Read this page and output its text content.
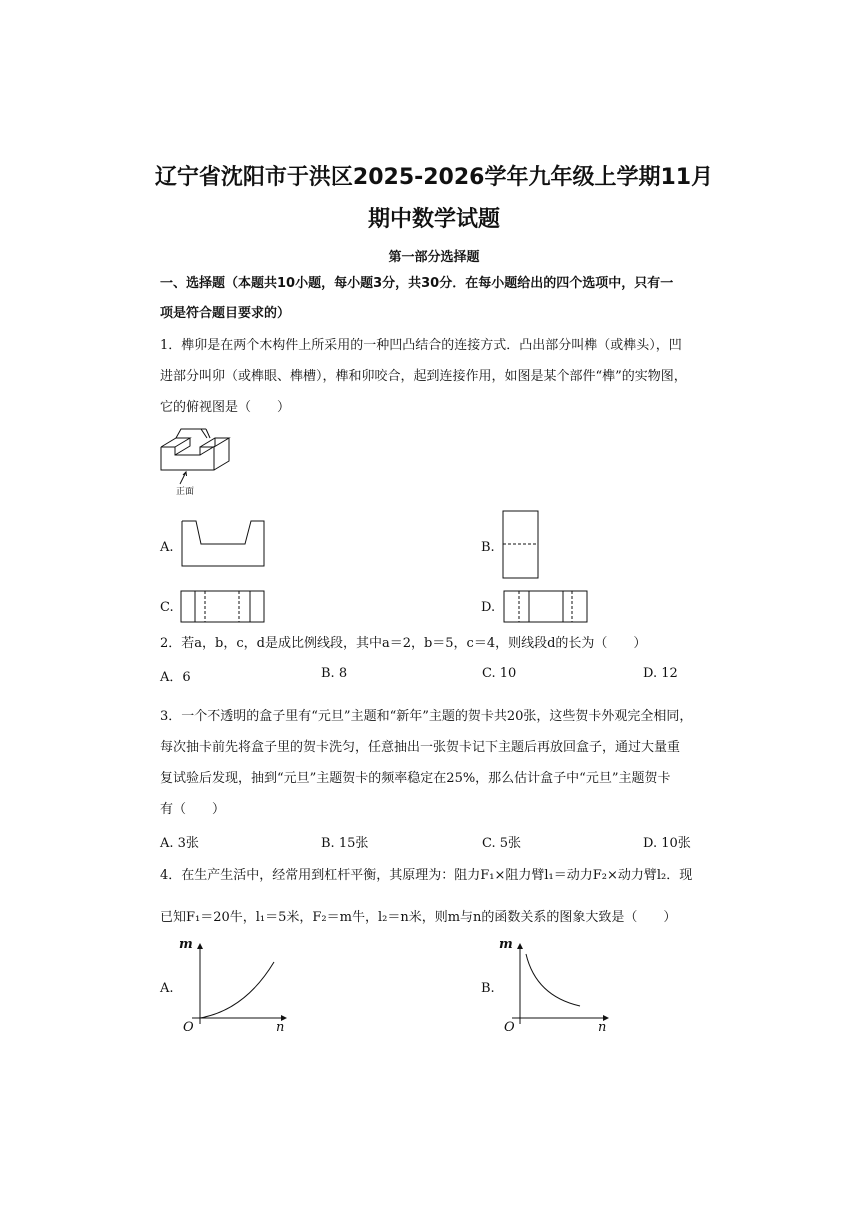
辽宁省沈阳市于洪区2025-2026学年九年级上学期11月
期中数学试题
第一部分选择题
一、选择题（本题共10小题，每小题3分，共30分．在每小题给出的四个选项中，只有一
项是符合题目要求的）
1．榫卯是在两个木构件上所采用的一种凹凸结合的连接方式．凸出部分叫榫（或榫头），凹
进部分叫卯（或榫眼、榫槽），榫和卯咬合，起到连接作用，如图是某个部件“榫”的实物图，
它的俯视图是（　　）
正面
A.	B.
C.	D.
2．若a，b，c，d是成比例线段，其中a＝2，b＝5，c＝4，则线段d的长为（　　）
A．6	B. 8	C. 10	D. 12
3．一个不透明的盒子里有“元旦”主题和“新年”主题的贺卡共20张，这些贺卡外观完全相同，
每次抽卡前先将盒子里的贺卡洗匀，任意抽出一张贺卡记下主题后再放回盒子，通过大量重
复试验后发现，抽到“元旦”主题贺卡的频率稳定在25%，那么估计盒子中“元旦”主题贺卡
有（　　）
A. 3张	B. 15张	C. 5张	D. 10张
4．在生产生活中，经常用到杠杆平衡，其原理为：阻力F₁×阻力臂l₁＝动力F₂×动力臂l₂．现
已知F₁＝20牛，l₁＝5米，F₂＝m牛，l₂＝n米，则m与n的函数关系的图象大致是（　　）
A.
m
n
O
B.
m
n
O
